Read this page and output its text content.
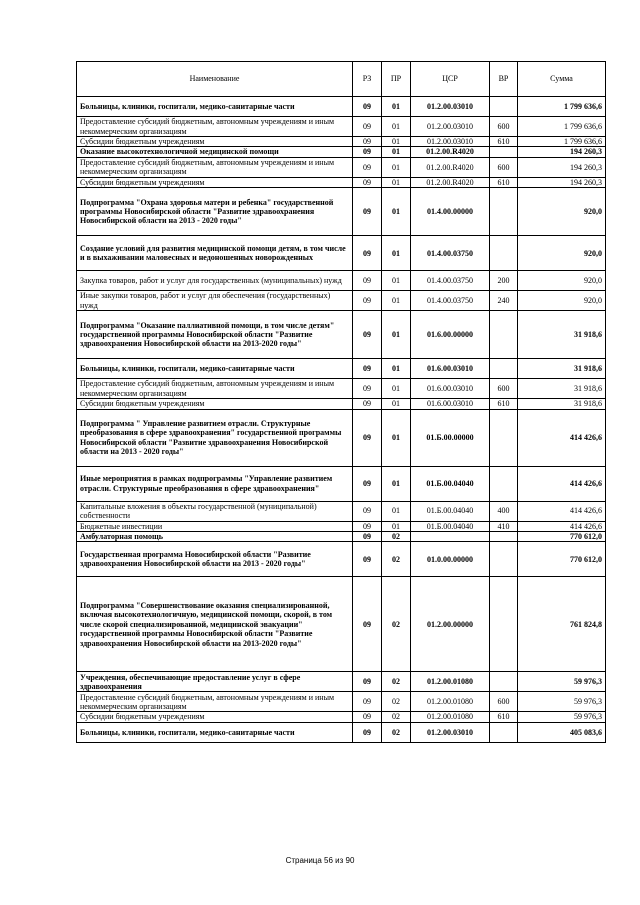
Наименование	РЗ	ПР	ЦСР	ВР	Сумма
Больницы, клиники, госпитали, медико-санитарные части	09	01	01.2.00.03010		1 799 636,6
Предоставление субсидий бюджетным, автономным учреждениям и иным некоммерческим организациям	09	01	01.2.00.03010	600	1 799 636,6
Субсидии бюджетным учреждениям	09	01	01.2.00.03010	610	1 799 636,6
Оказание высокотехнологичной медицинской помощи	09	01	01.2.00.R4020		194 260,3
Предоставление субсидий бюджетным, автономным учреждениям и иным некоммерческим организациям	09	01	01.2.00.R4020	600	194 260,3
Субсидии бюджетным учреждениям	09	01	01.2.00.R4020	610	194 260,3
Подпрограмма "Охрана здоровья матери и ребенка" государственной программы Новосибирской области "Развитие здравоохранения Новосибирской области на 2013 - 2020 годы"	09	01	01.4.00.00000		920,0
Создание условий для развития медицинской помощи детям, в том числе и в выхаживании маловесных и недоношенных новорожденных	09	01	01.4.00.03750		920,0
Закупка товаров, работ и услуг для государственных (муниципальных) нужд	09	01	01.4.00.03750	200	920,0
Иные закупки товаров, работ и услуг для обеспечения (государственных) нужд	09	01	01.4.00.03750	240	920,0
Подпрограмма "Оказание паллиативной помощи, в том числе детям" государственной программы Новосибирской области "Развитие здравоохранения Новосибирской области на 2013-2020 годы"	09	01	01.6.00.00000		31 918,6
Больницы, клиники, госпитали, медико-санитарные части	09	01	01.6.00.03010		31 918,6
Предоставление субсидий бюджетным, автономным учреждениям и иным некоммерческим организациям	09	01	01.6.00.03010	600	31 918,6
Субсидии бюджетным учреждениям	09	01	01.6.00.03010	610	31 918,6
Подпрограмма " Управление развитием отрасли. Структурные преобразования в сфере здравоохранения" государственной программы Новосибирской области "Развитие здравоохранения Новосибирской области на 2013 - 2020 годы"	09	01	01.Б.00.00000		414 426,6
Иные мероприятия в рамках подпрограммы "Управление развитием отрасли. Структурные преобразования в сфере здравоохранения"	09	01	01.Б.00.04040		414 426,6
Капитальные вложения в объекты государственной (муниципальной) собственности	09	01	01.Б.00.04040	400	414 426,6
Бюджетные инвестиции	09	01	01.Б.00.04040	410	414 426,6
Амбулаторная помощь	09	02			770 612,0
Государственная программа Новосибирской области "Развитие здравоохранения Новосибирской области на 2013 - 2020 годы"	09	02	01.0.00.00000		770 612,0
Подпрограмма "Совершенствование оказания специализированной, включая высокотехнологичную, медицинской помощи, скорой, в том числе скорой специализированной, медицинской эвакуации" государственной программы Новосибирской области "Развитие здравоохранения Новосибирской области на 2013-2020 годы"	09	02	01.2.00.00000		761 824,8
Учреждения, обеспечивающие предоставление услуг в сфере здравоохранения	09	02	01.2.00.01080		59 976,3
Предоставление субсидий бюджетным, автономным учреждениям и иным некоммерческим организациям	09	02	01.2.00.01080	600	59 976,3
Субсидии бюджетным учреждениям	09	02	01.2.00.01080	610	59 976,3
Больницы, клиники, госпитали, медико-санитарные части	09	02	01.2.00.03010		405 083,6
Страница 56 из 90
